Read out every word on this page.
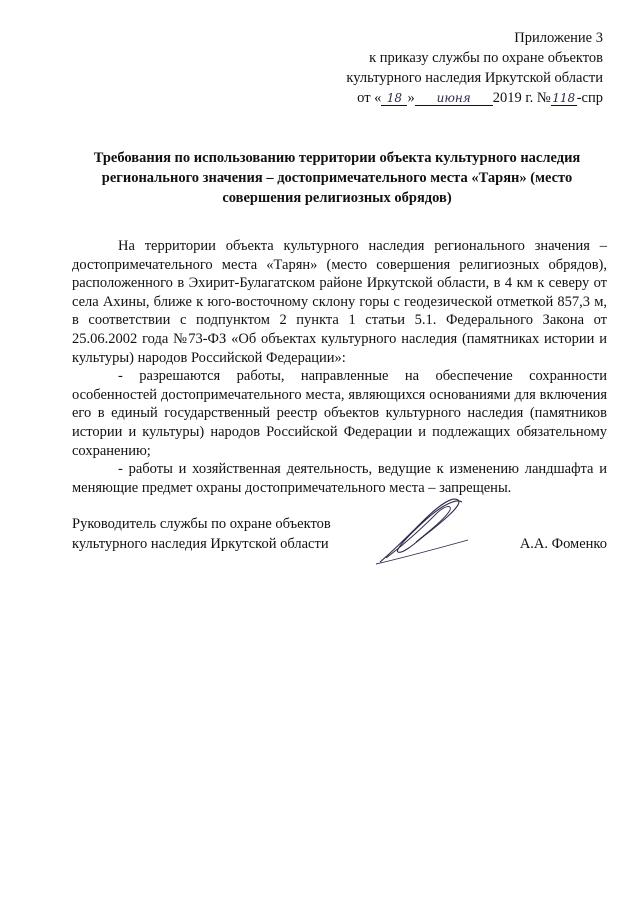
Приложение 3
к приказу службы по охране объектов
культурного наследия Иркутской области
от « 18 » июня 2019 г. № 118 -спр
Требования по использованию территории объекта культурного наследия регионального значения – достопримечательного места «Тарян» (место совершения религиозных обрядов)

На территории объекта культурного наследия регионального значения – достопримечательного места «Тарян» (место совершения религиозных обрядов), расположенного в Эхирит-Булагатском районе Иркутской области, в 4 км к северу от села Ахины, ближе к юго-восточному склону горы с геодезической отметкой 857,3 м, в соответствии с подпунктом 2 пункта 1 статьи 5.1. Федерального Закона от 25.06.2002 года №73-ФЗ «Об объектах культурного наследия (памятниках истории и культуры) народов Российской Федерации»:

- разрешаются работы, направленные на обеспечение сохранности особенностей достопримечательного места, являющихся основаниями для включения его в единый государственный реестр объектов культурного наследия (памятников истории и культуры) народов Российской Федерации и подлежащих обязательному сохранению;

- работы и хозяйственная деятельность, ведущие к изменению ландшафта и меняющие предмет охраны достопримечательного места – запрещены.

Руководитель службы по охране объектов
культурного наследия Иркутской области	А.А. Фоменко
